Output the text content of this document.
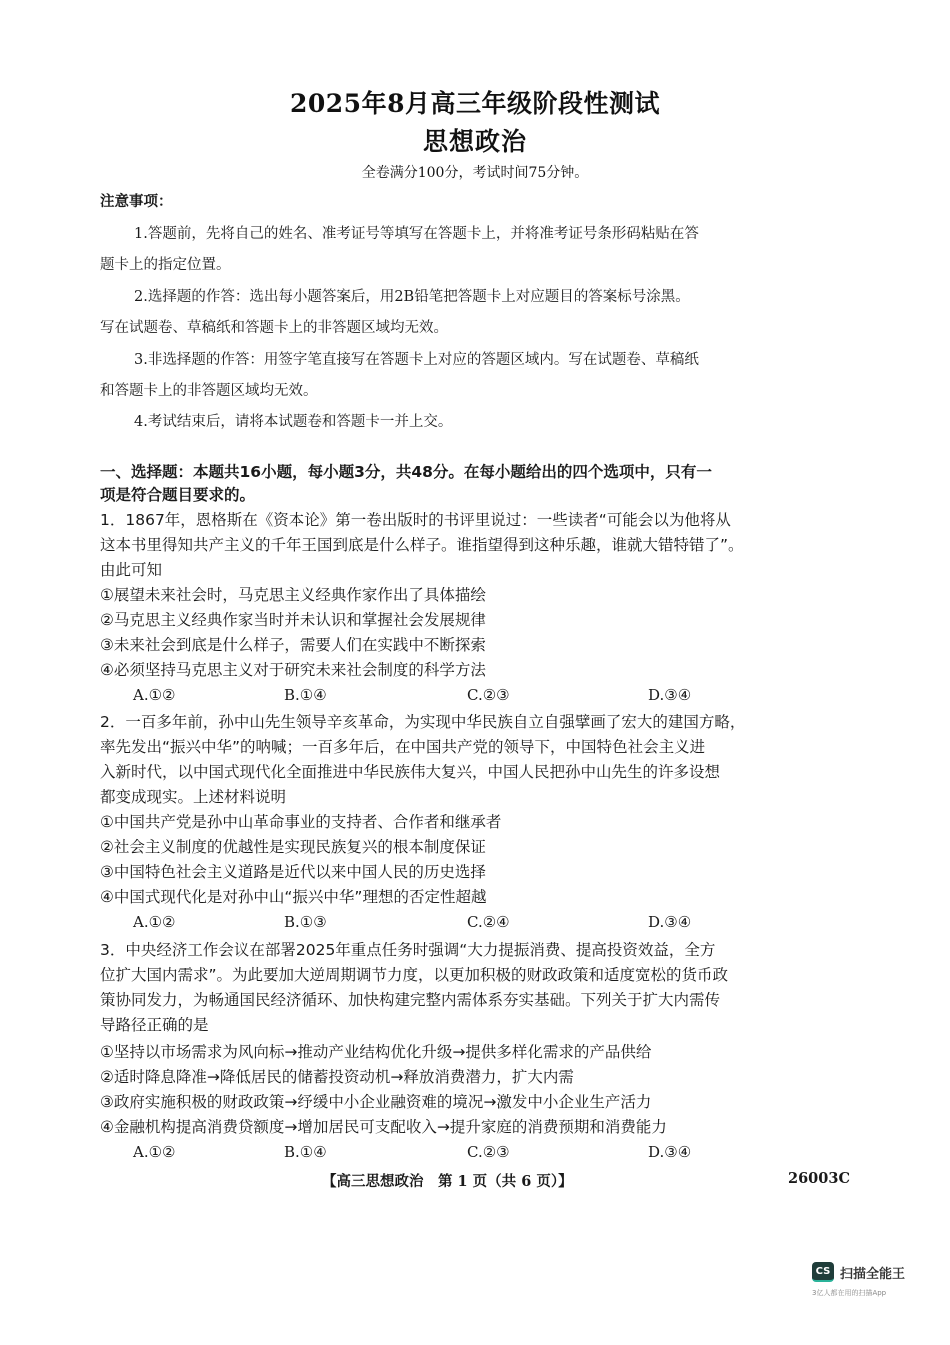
2025年8月高三年级阶段性测试
思想政治
全卷满分100分，考试时间75分钟。
注意事项：
1.答题前，先将自己的姓名、准考证号等填写在答题卡上，并将准考证号条形码粘贴在答
题卡上的指定位置。
2.选择题的作答：选出每小题答案后，用2B铅笔把答题卡上对应题目的答案标号涂黑。
写在试题卷、草稿纸和答题卡上的非答题区域均无效。
3.非选择题的作答：用签字笔直接写在答题卡上对应的答题区域内。写在试题卷、草稿纸
和答题卡上的非答题区域均无效。
4.考试结束后，请将本试题卷和答题卡一并上交。
一、选择题：本题共16小题，每小题3分，共48分。在每小题给出的四个选项中，只有一
项是符合题目要求的。
1．1867年，恩格斯在《资本论》第一卷出版时的书评里说过：一些读者“可能会以为他将从
这本书里得知共产主义的千年王国到底是什么样子。谁指望得到这种乐趣，谁就大错特错了”。
由此可知
①展望未来社会时，马克思主义经典作家作出了具体描绘
②马克思主义经典作家当时并未认识和掌握社会发展规律
③未来社会到底是什么样子，需要人们在实践中不断探索
④必须坚持马克思主义对于研究未来社会制度的科学方法
A.①②	B.①④	C.②③	D.③④
2．一百多年前，孙中山先生领导辛亥革命，为实现中华民族自立自强擘画了宏大的建国方略，
率先发出“振兴中华”的呐喊；一百多年后，在中国共产党的领导下，中国特色社会主义进
入新时代，以中国式现代化全面推进中华民族伟大复兴，中国人民把孙中山先生的许多设想
都变成现实。上述材料说明
①中国共产党是孙中山革命事业的支持者、合作者和继承者
②社会主义制度的优越性是实现民族复兴的根本制度保证
③中国特色社会主义道路是近代以来中国人民的历史选择
④中国式现代化是对孙中山“振兴中华”理想的否定性超越
A.①②	B.①③	C.②④	D.③④
3．中央经济工作会议在部署2025年重点任务时强调“大力提振消费、提高投资效益，全方
位扩大国内需求”。为此要加大逆周期调节力度，以更加积极的财政政策和适度宽松的货币政
策协同发力，为畅通国民经济循环、加快构建完整内需体系夯实基础。下列关于扩大内需传
导路径正确的是
①坚持以市场需求为风向标→推动产业结构优化升级→提供多样化需求的产品供给
②适时降息降准→降低居民的储蓄投资动机→释放消费潜力，扩大内需
③政府实施积极的财政政策→纾缓中小企业融资难的境况→激发中小企业生产活力
④金融机构提高消费贷额度→增加居民可支配收入→提升家庭的消费预期和消费能力
A.①②	B.①④	C.②③	D.③④
【高三思想政治　第 1 页（共 6 页）】	26003C
CS 扫描全能王
3亿人都在用的扫描App
